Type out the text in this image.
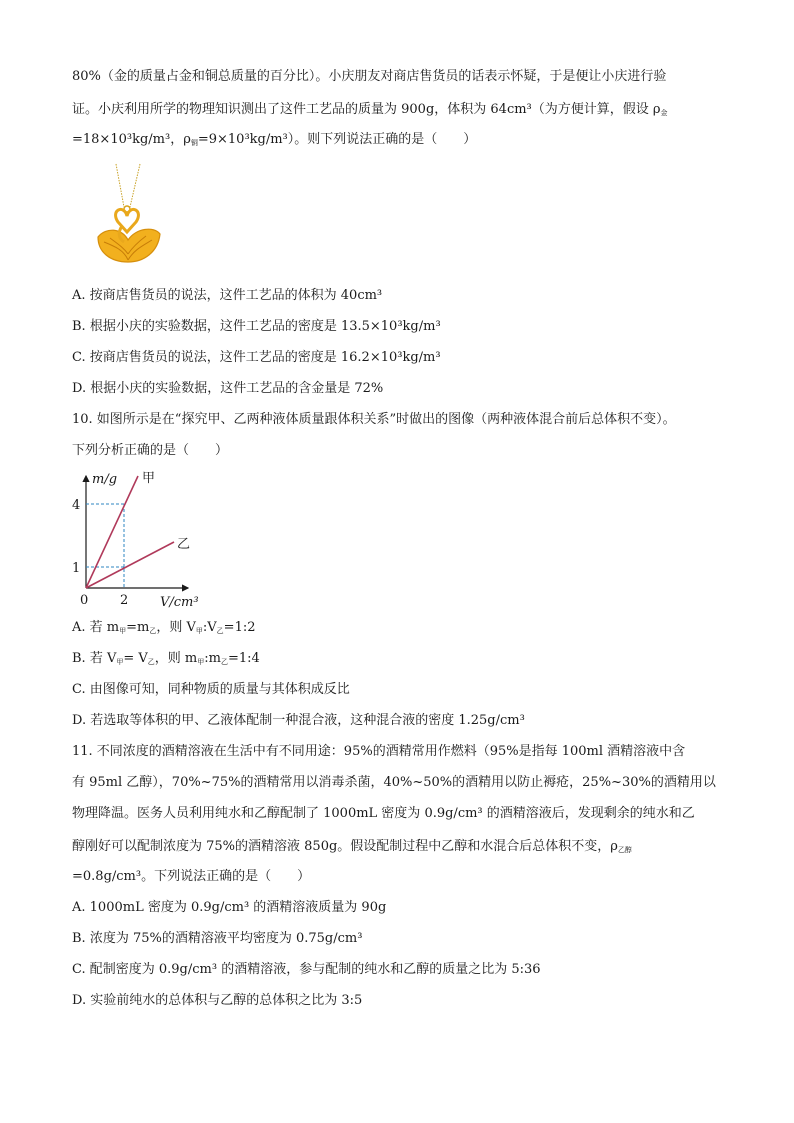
80%（金的质量占金和铜总质量的百分比）。小庆朋友对商店售货员的话表示怀疑，于是便让小庆进行验
证。小庆利用所学的物理知识测出了这件工艺品的质量为 900g，体积为 64cm³（为方便计算，假设 $\rho_金$
=18×10³kg/m³，$\rho_铜=9\times 10^3kg/m^3$）。则下列说法正确的是（　　）
A. 按商店售货员的说法，这件工艺品的体积为 40cm³
B. 根据小庆的实验数据，这件工艺品的密度是 13.5×10³kg/m³
C. 按商店售货员的说法，这件工艺品的密度是 16.2×10³kg/m³
D. 根据小庆的实验数据，这件工艺品的含金量是 72%
10. 如图所示是在“探究甲、乙两种液体质量跟体积关系”时做出的图像（两种液体混合前后总体积不变）。
下列分析正确的是（　　）
m/g 甲
乙
4
1
0 2 V/cm³
A. 若 $m_甲=m_乙$，则 $V_甲:V_乙=1:2$
B. 若 $V_甲= V_乙$，则 $m_甲:m_乙=1:4$
C. 由图像可知，同种物质的质量与其体积成反比
D. 若选取等体积的甲、乙液体配制一种混合液，这种混合液的密度 1.25g/cm³
11. 不同浓度的酒精溶液在生活中有不同用途：95%的酒精常用作燃料（95%是指每 100ml 酒精溶液中含
有 95ml 乙醇），70%~75%的酒精常用以消毒杀菌，40%~50%的酒精用以防止褥疮，25%~30%的酒精用以
物理降温。医务人员利用纯水和乙醇配制了 1000mL 密度为 0.9g/cm³ 的酒精溶液后，发现剩余的纯水和乙
醇刚好可以配制浓度为 75%的酒精溶液 850g。假设配制过程中乙醇和水混合后总体积不变，$\rho_{乙醇}$
=0.8g/cm³。下列说法正确的是（　　）
A. 1000mL 密度为 0.9g/cm³ 的酒精溶液质量为 90g
B. 浓度为 75%的酒精溶液平均密度为 0.75g/cm³
C. 配制密度为 0.9g/cm³ 的酒精溶液，参与配制的纯水和乙醇的质量之比为 5:36
D. 实验前纯水的总体积与乙醇的总体积之比为 3:5
